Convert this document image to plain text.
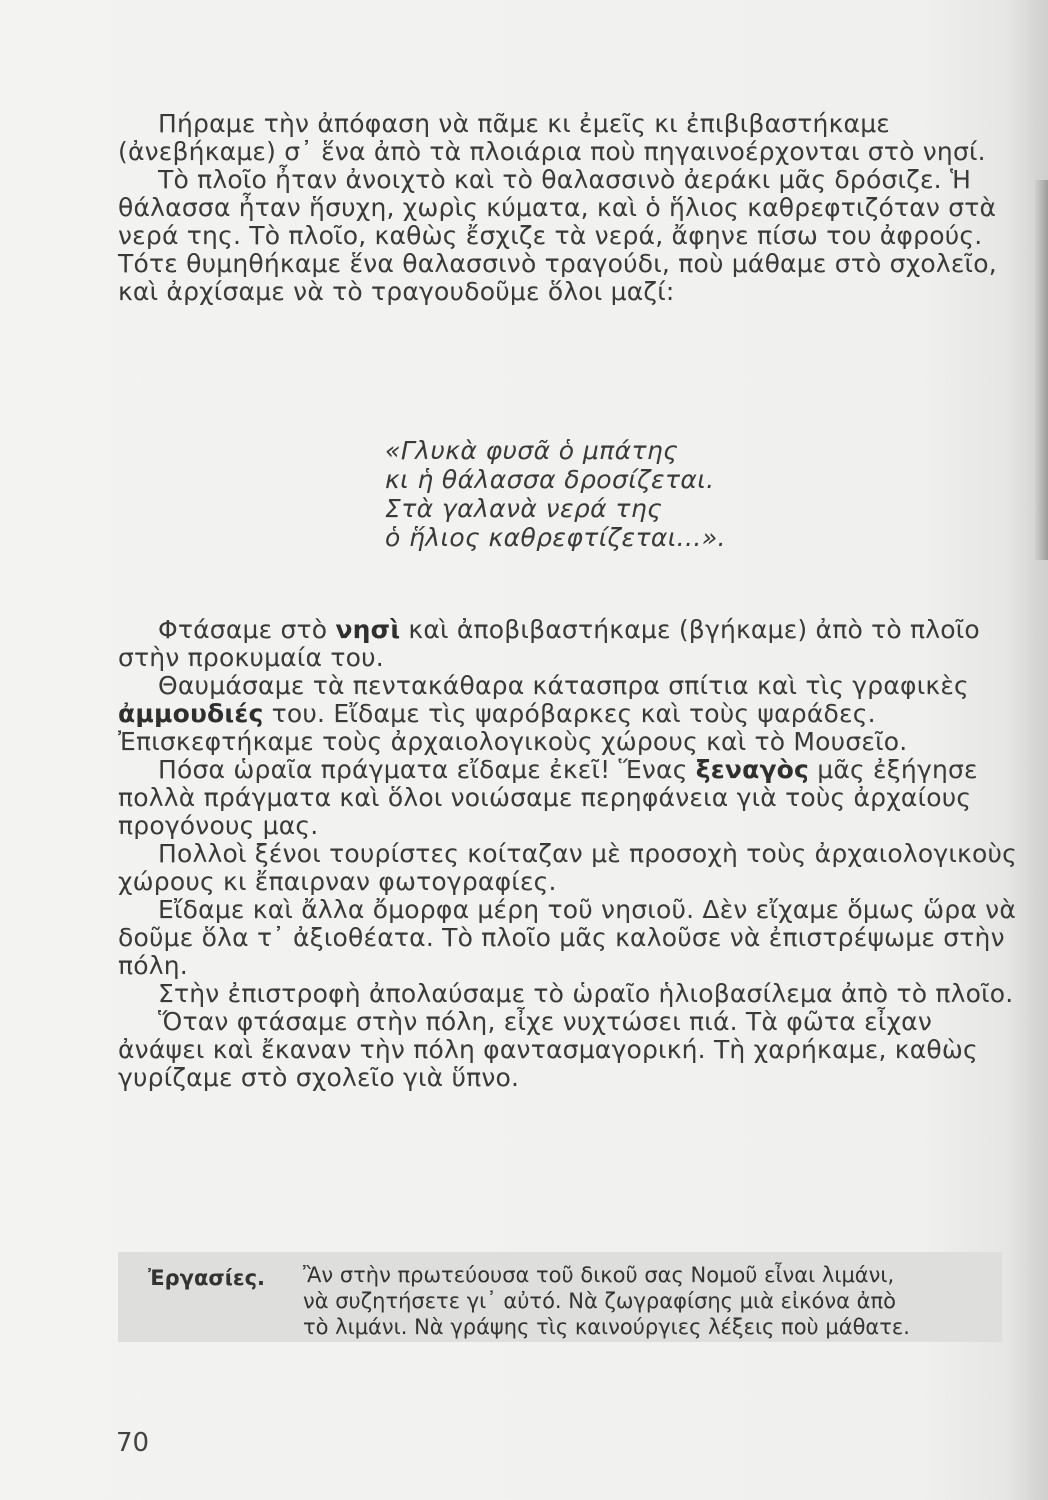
Πήραμε τὴν ἀπόφαση νὰ πᾶμε κι ἐμεῖς κι ἐπιβιβαστήκαμε (ἀνεβήκαμε) σ᾽ ἕνα ἀπὸ τὰ πλοιάρια ποὺ πηγαινοέρχονται στὸ νησί.

Τὸ πλοῖο ἦταν ἀνοιχτὸ καὶ τὸ θαλασσινὸ ἀεράκι μᾶς δρόσιζε. Ἡ θάλασσα ἦταν ἥσυχη, χωρὶς κύματα, καὶ ὁ ἥλιος καθρεφτιζόταν στὰ νερά της. Τὸ πλοῖο, καθὼς ἔσχιζε τὰ νερά, ἄφηνε πίσω του ἀφρούς. Τότε θυμηθήκαμε ἕνα θαλασσινὸ τραγούδι, ποὺ μάθαμε στὸ σχολεῖο, καὶ ἀρχίσαμε νὰ τὸ τραγουδοῦμε ὅλοι μαζί:

«Γλυκὰ φυσᾶ ὁ μπάτης

κι ἡ θάλασσα δροσίζεται.

Στὰ γαλανὰ νερά της

ὁ ἥλιος καθρεφτίζεται...».

Φτάσαμε στὸ νησὶ καὶ ἀποβιβαστήκαμε (βγήκαμε) ἀπὸ τὸ πλοῖο στὴν προκυμαία του.

Θαυμάσαμε τὰ πεντακάθαρα κάτασπρα σπίτια καὶ τὶς γραφικὲς ἀμμουδιές του. Εἴδαμε τὶς ψαρόβαρκες καὶ τοὺς ψαράδες. Ἐπισκεφτήκαμε τοὺς ἀρχαιολογικοὺς χώρους καὶ τὸ Μουσεῖο.

Πόσα ὡραῖα πράγματα εἴδαμε ἐκεῖ! Ἕνας ξεναγὸς μᾶς ἐξήγησε πολλὰ πράγματα καὶ ὅλοι νοιώσαμε περηφάνεια γιὰ τοὺς ἀρχαίους προγόνους μας.

Πολλοὶ ξένοι τουρίστες κοίταζαν μὲ προσοχὴ τοὺς ἀρχαιολογικοὺς χώρους κι ἔπαιρναν φωτογραφίες.

Εἴδαμε καὶ ἄλλα ὄμορφα μέρη τοῦ νησιοῦ. Δὲν εἴχαμε ὅμως ὥρα νὰ δοῦμε ὅλα τ᾽ ἀξιοθέατα. Τὸ πλοῖο μᾶς καλοῦσε νὰ ἐπιστρέψωμε στὴν πόλη.

Στὴν ἐπιστροφὴ ἀπολαύσαμε τὸ ὡραῖο ἡλιοβασίλεμα ἀπὸ τὸ πλοῖο.

Ὅταν φτάσαμε στὴν πόλη, εἶχε νυχτώσει πιά. Τὰ φῶτα εἶχαν ἀνάψει καὶ ἔκαναν τὴν πόλη φαντασμαγορική. Τὴ χαρήκαμε, καθὼς γυρίζαμε στὸ σχολεῖο γιὰ ὕπνο.

Ἐργασίες. Ἂν στὴν πρωτεύουσα τοῦ δικοῦ σας Νομοῦ εἶναι λιμάνι,

νὰ συζητήσετε γι᾽ αὐτό. Νὰ ζωγραφίσης μιὰ εἰκόνα ἀπὸ

τὸ λιμάνι. Νὰ γράψης τὶς καινούργιες λέξεις ποὺ μάθατε.

70
